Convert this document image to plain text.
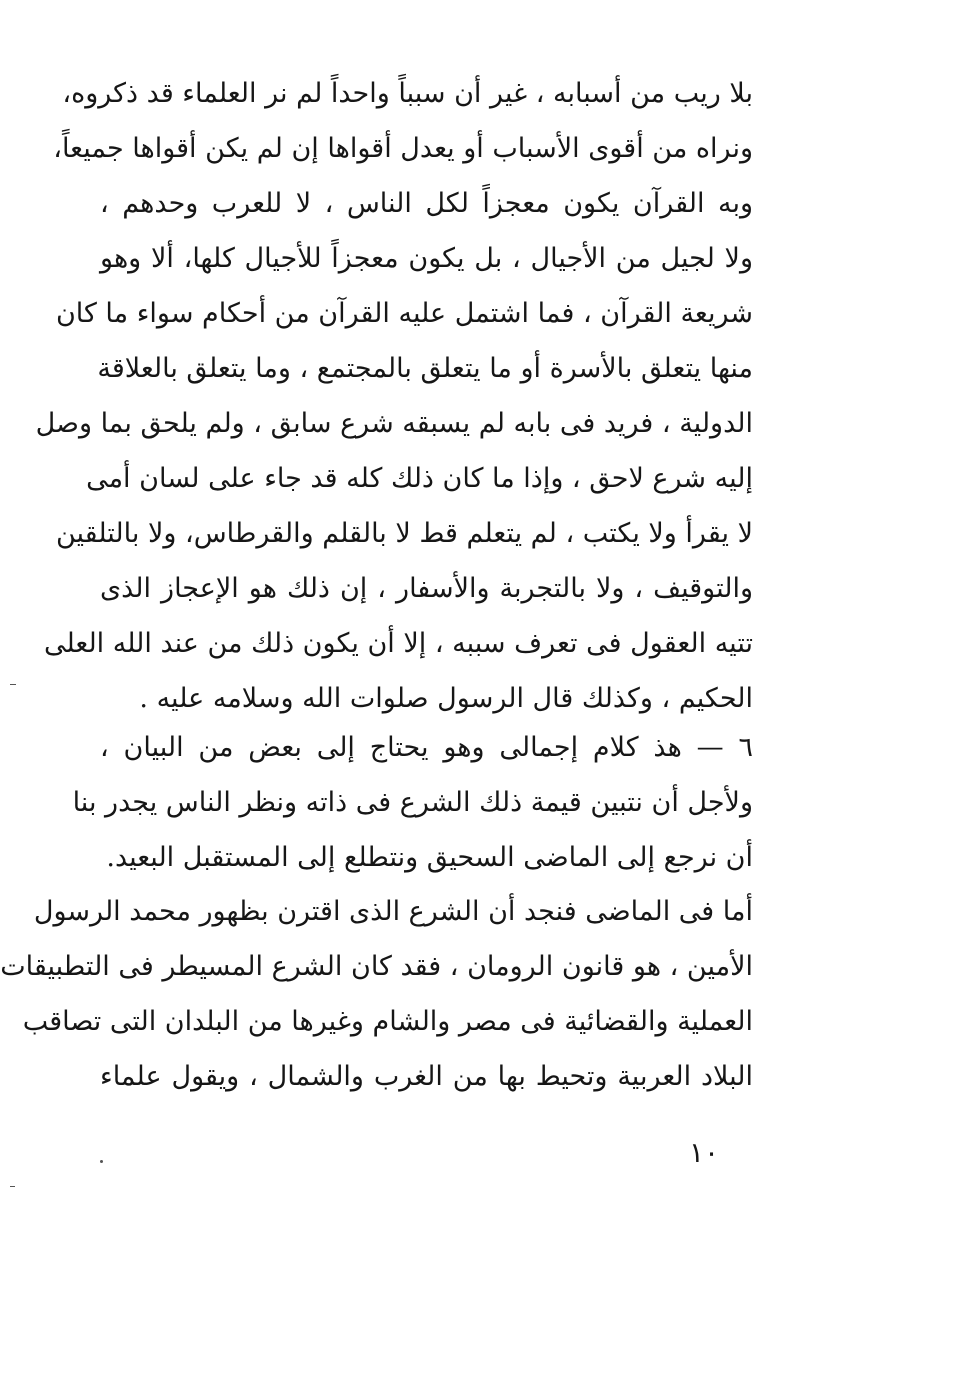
بلا ريب من أسبابه ، غير أن سبباً واحداً لم نر العلماء قد ذكروه،
ونراه من أقوى الأسباب أو يعدل أقواها إن لم يكن أقواها جميعاً،
وبه القرآن يكون معجزاً لكل الناس ، لا للعرب وحدهم ،
ولا لجيل من الأجيال ، بل يكون معجزاً للأجيال كلها، ألا وهو
شريعة القرآن ، فما اشتمل عليه القرآن من أحكام سواء ما كان
منها يتعلق بالأسرة أو ما يتعلق بالمجتمع ، وما يتعلق بالعلاقة
الدولية ، فريد فى بابه لم يسبقه شرع سابق ، ولم يلحق بما وصل
إليه شرع لاحق ، وإذا ما كان ذلك كله قد جاء على لسان أمى
لا يقرأ ولا يكتب ، لم يتعلم قط لا بالقلم والقرطاس، ولا بالتلقين
والتوقيف ، ولا بالتجربة والأسفار ، إن ذلك هو الإعجاز الذى
تتيه العقول فى تعرف سببه ، إلا أن يكون ذلك من عند الله العلى
الحكيم ، وكذلك قال الرسول صلوات الله وسلامه عليه .
٦ — هذ كلام إجمالى وهو يحتاج إلى بعض من البيان ،
ولأجل أن نتبين قيمة ذلك الشرع فى ذاته ونظر الناس يجدر بنا
أن نرجع إلى الماضى السحيق ونتطلع إلى المستقبل البعيد.
أما فى الماضى فنجد أن الشرع الذى اقترن بظهور محمد الرسول
الأمين ، هو قانون الرومان ، فقد كان الشرع المسيطر فى التطبيقات
العملية والقضائية فى مصر والشام وغيرها من البلدان التى تصاقب
البلاد العربية وتحيط بها من الغرب والشمال ، ويقول علماء
١٠
